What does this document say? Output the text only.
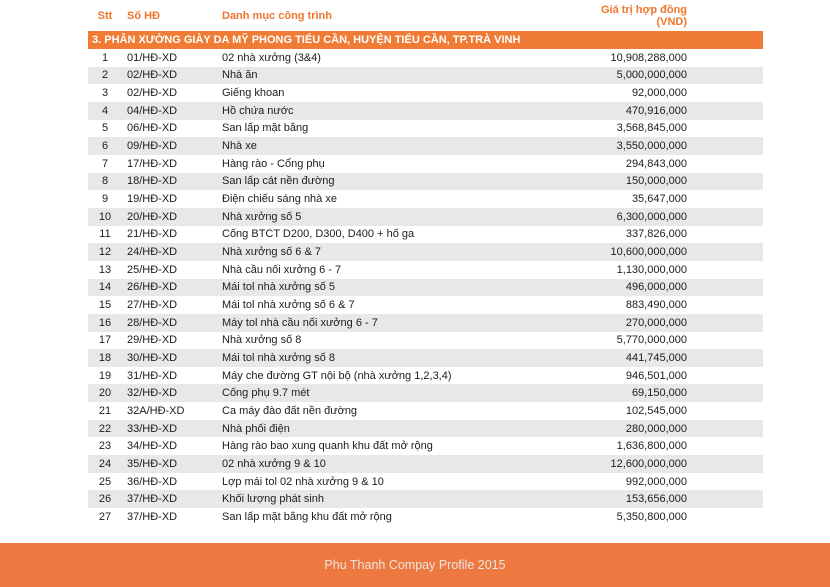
Stt	Số HĐ	Danh mục công trình	Giá trị hợp đồng (VND)
3. PHÂN XƯỞNG GIÀY DA MỸ PHONG TIỂU CẦN, HUYỆN TIỂU CẦN, TP.TRÀ VINH
1	01/HĐ-XD	02 nhà xưởng (3&4)	10,908,288,000
2	02/HĐ-XD	Nhà ăn	5,000,000,000
3	02/HĐ-XD	Giếng khoan	92,000,000
4	04/HĐ-XD	Hồ chứa nước	470,916,000
5	06/HĐ-XD	San lấp mặt bằng	3,568,845,000
6	09/HĐ-XD	Nhà xe	3,550,000,000
7	17/HĐ-XD	Hàng rào - Cổng phụ	294,843,000
8	18/HĐ-XD	San lấp cát nền đường	150,000,000
9	19/HĐ-XD	Điện chiếu sáng nhà xe	35,647,000
10	20/HĐ-XD	Nhà xưởng số 5	6,300,000,000
11	21/HĐ-XD	Cống BTCT D200, D300, D400 + hố ga	337,826,000
12	24/HĐ-XD	Nhà xưởng số 6 & 7	10,600,000,000
13	25/HĐ-XD	Nhà cầu nối xưởng 6 - 7	1,130,000,000
14	26/HĐ-XD	Mái tol nhà xưởng số 5	496,000,000
15	27/HĐ-XD	Mái tol nhà xưởng số 6 & 7	883,490,000
16	28/HĐ-XD	Máy tol nhà cầu nối xưởng 6 - 7	270,000,000
17	29/HĐ-XD	Nhà xưởng số 8	5,770,000,000
18	30/HĐ-XD	Mái tol nhà xưởng số 8	441,745,000
19	31/HĐ-XD	Máy che đường GT nội bộ (nhà xưởng 1,2,3,4)	946,501,000
20	32/HĐ-XD	Cống phụ 9.7 mét	69,150,000
21	32A/HĐ-XD	Ca máy đào đất nền đường	102,545,000
22	33/HĐ-XD	Nhà phối điện	280,000,000
23	34/HĐ-XD	Hàng rào bao xung quanh khu đất mở rộng	1,636,800,000
24	35/HĐ-XD	02 nhà xưởng 9 & 10	12,600,000,000
25	36/HĐ-XD	Lợp mái tol 02 nhà xưởng 9 & 10	992,000,000
26	37/HĐ-XD	Khối lượng phát sinh	153,656,000
27	37/HĐ-XD	San lấp mặt bằng khu đất mở rộng	5,350,800,000
Phu Thanh Compay Profile 2015
